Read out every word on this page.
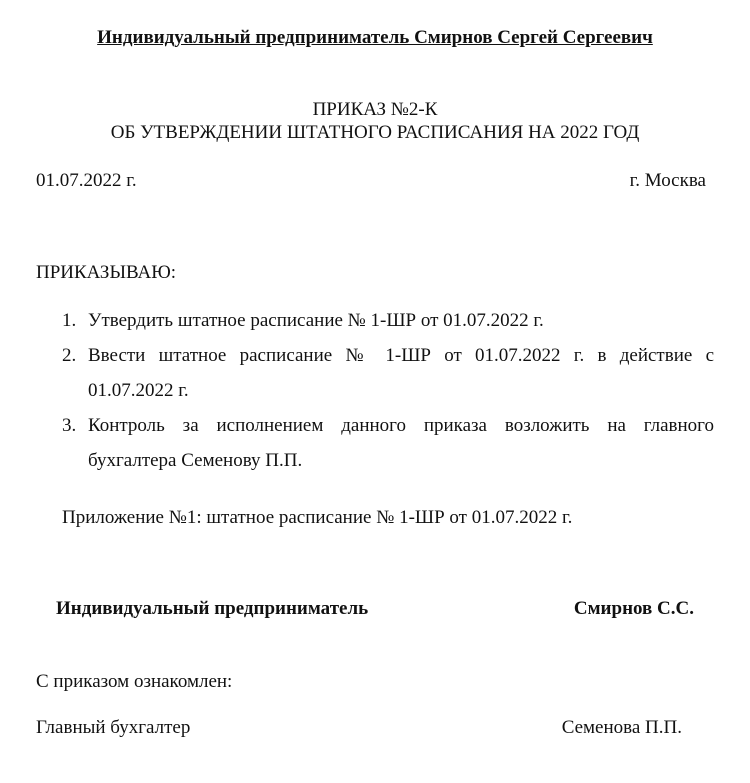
Индивидуальный предприниматель Смирнов Сергей Сергеевич
ПРИКАЗ №2-К
ОБ УТВЕРЖДЕНИИ ШТАТНОГО РАСПИСАНИЯ НА 2022 ГОД
01.07.2022 г.	г. Москва
ПРИКАЗЫВАЮ:
1. Утвердить штатное расписание № 1-ШР от 01.07.2022 г.
2. Ввести штатное расписание № 1-ШР от 01.07.2022 г. в действие с
01.07.2022 г.
3. Контроль за исполнением данного приказа возложить на главного
бухгалтера Семенову П.П.
Приложение №1: штатное расписание № 1-ШР от 01.07.2022 г.
Индивидуальный предприниматель	Смирнов С.С.
С приказом ознакомлен:
Главный бухгалтер	Семенова П.П.
